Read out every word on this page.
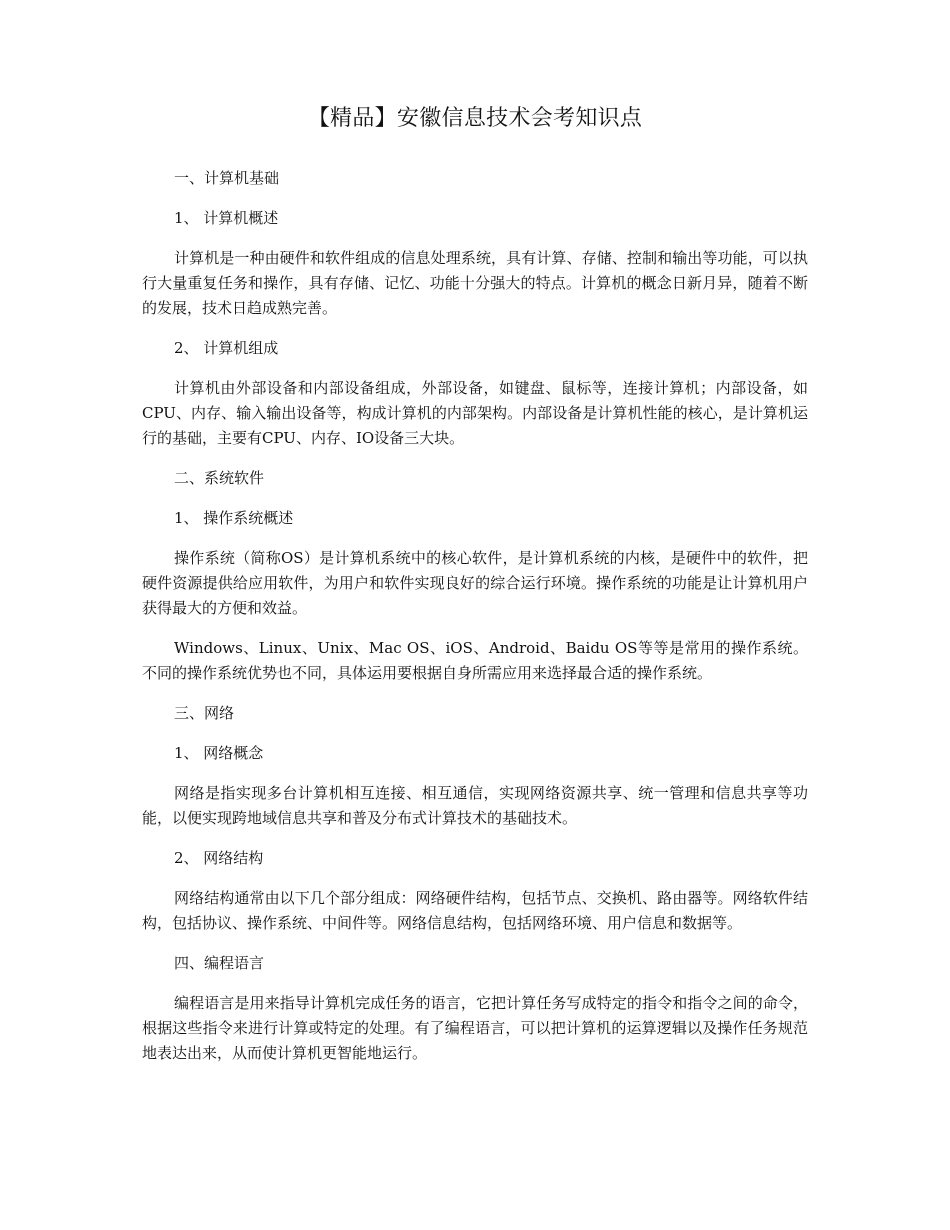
【精品】安徽信息技术会考知识点
一、计算机基础
1、 计算机概述

计算机是一种由硬件和软件组成的信息处理系统，具有计算、存储、控制和输出等功能，可以执行大量重复任务和操作，具有存储、记忆、功能十分强大的特点。计算机的概念日新月异，随着不断的发展，技术日趋成熟完善。

2、 计算机组成

计算机由外部设备和内部设备组成，外部设备，如键盘、鼠标等，连接计算机；内部设备，如CPU、内存、输入输出设备等，构成计算机的内部架构。内部设备是计算机性能的核心，是计算机运行的基础，主要有CPU、内存、IO设备三大块。

二、系统软件
1、 操作系统概述

操作系统（简称OS）是计算机系统中的核心软件，是计算机系统的内核，是硬件中的软件，把硬件资源提供给应用软件，为用户和软件实现良好的综合运行环境。操作系统的功能是让计算机用户获得最大的方便和效益。

Windows、Linux、Unix、Mac OS、iOS、Android、Baidu OS等等是常用的操作系统。不同的操作系统优势也不同，具体运用要根据自身所需应用来选择最合适的操作系统。

三、网络
1、 网络概念

网络是指实现多台计算机相互连接、相互通信，实现网络资源共享、统一管理和信息共享等功能，以便实现跨地域信息共享和普及分布式计算技术的基础技术。

2、 网络结构

网络结构通常由以下几个部分组成：网络硬件结构，包括节点、交换机、路由器等。网络软件结构，包括协议、操作系统、中间件等。网络信息结构，包括网络环境、用户信息和数据等。

四、编程语言

编程语言是用来指导计算机完成任务的语言，它把计算任务写成特定的指令和指令之间的命令，根据这些指令来进行计算或特定的处理。有了编程语言，可以把计算机的运算逻辑以及操作任务规范地表达出来，从而使计算机更智能地运行。
